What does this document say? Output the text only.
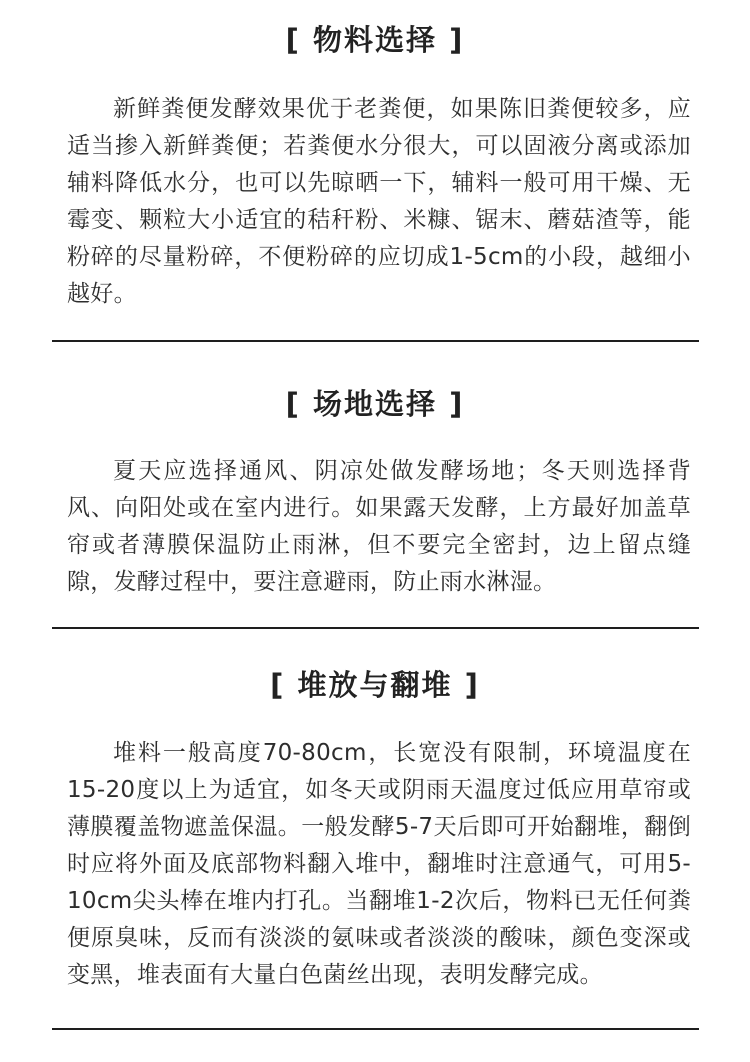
[ 物料选择 ]

新鲜粪便发酵效果优于老粪便，如果陈旧粪便较多，应适当掺入新鲜粪便；若粪便水分很大，可以固液分离或添加辅料降低水分，也可以先晾晒一下，辅料一般可用干燥、无霉变、颗粒大小适宜的秸秆粉、米糠、锯末、蘑菇渣等，能粉碎的尽量粉碎，不便粉碎的应切成1-5cm的小段，越细小越好。

[ 场地选择 ]

夏天应选择通风、阴凉处做发酵场地；冬天则选择背风、向阳处或在室内进行。如果露天发酵，上方最好加盖草帘或者薄膜保温防止雨淋，但不要完全密封，边上留点缝隙，发酵过程中，要注意避雨，防止雨水淋湿。

[ 堆放与翻堆 ]

堆料一般高度70-80cm，长宽没有限制，环境温度在15-20度以上为适宜，如冬天或阴雨天温度过低应用草帘或薄膜覆盖物遮盖保温。一般发酵5-7天后即可开始翻堆，翻倒时应将外面及底部物料翻入堆中，翻堆时注意通气，可用5-10cm尖头棒在堆内打孔。当翻堆1-2次后，物料已无任何粪便原臭味，反而有淡淡的氨味或者淡淡的酸味，颜色变深或变黑，堆表面有大量白色菌丝出现，表明发酵完成。
